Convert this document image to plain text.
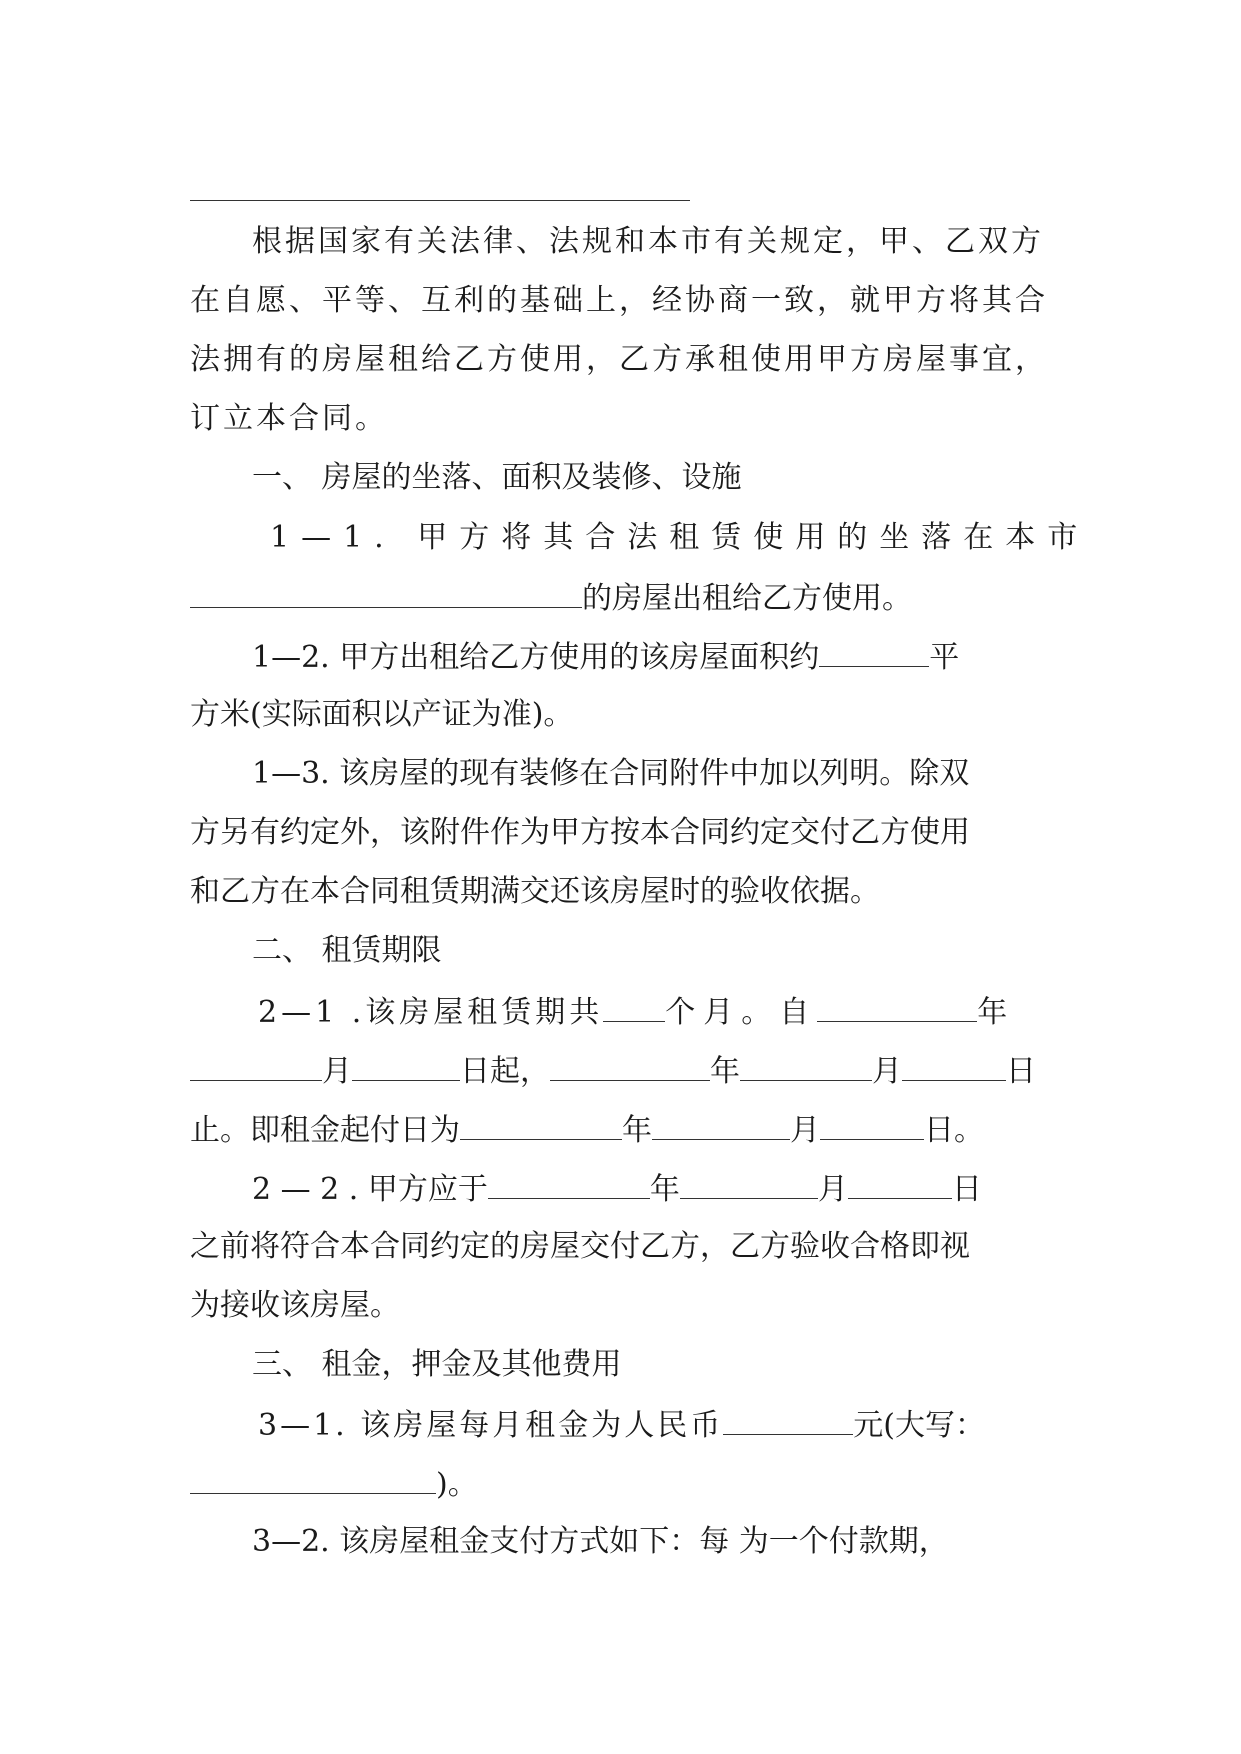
根据国家有关法律、法规和本市有关规定，甲、乙双方
在自愿、平等、互利的基础上，经协商一致，就甲方将其合
法拥有的房屋租给乙方使用，乙方承租使用甲方房屋事宜，
订立本合同。
一、 房屋的坐落、面积及装修、设施
1—1. 甲方将其合法租赁使用的坐落在本市
的房屋出租给乙方使用。
1—2. 甲方出租给乙方使用的该房屋面积约	平
方米(实际面积以产证为准)。
1—3. 该房屋的现有装修在合同附件中加以列明。除双
方另有约定外，该附件作为甲方按本合同约定交付乙方使用
和乙方在本合同租赁期满交还该房屋时的验收依据。
二、 租赁期限
2—1 .该房屋租赁期共 个月。自	年
月	日起，	年	月	日
止。即租金起付日为	年	月	日。
2 — 2 . 甲方应于	年	月	日
之前将符合本合同约定的房屋交付乙方，乙方验收合格即视
为接收该房屋。
三、 租金，押金及其他费用
3—1. 该房屋每月租金为人民币	元(大写：
)。
3—2. 该房屋租金支付方式如下：每 为一个付款期，
